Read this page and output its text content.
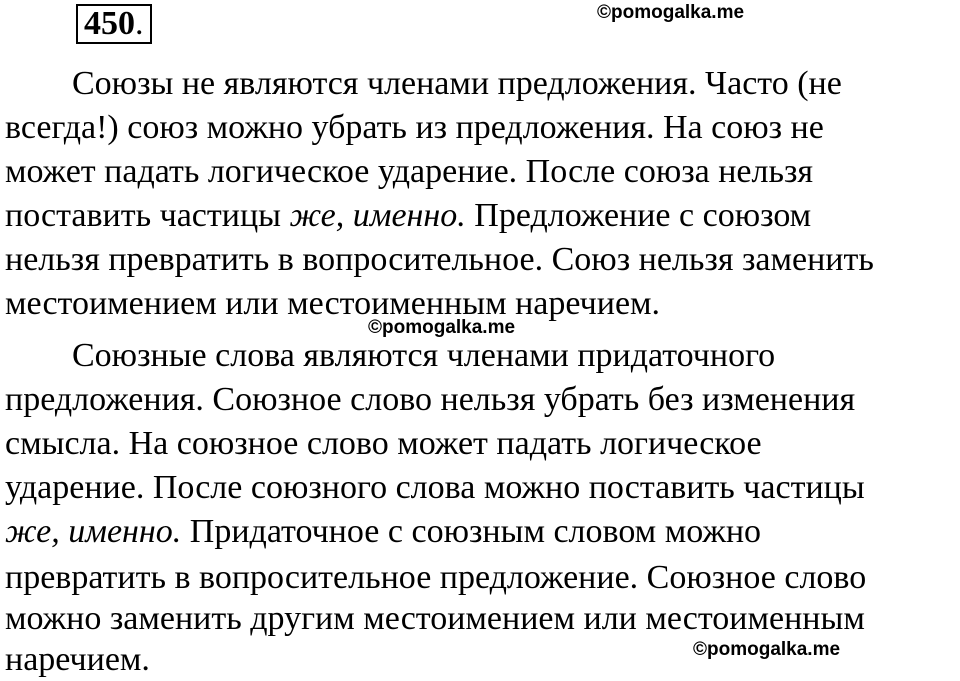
450 .	©pomogalka.me
Союзы не являются членами предложения. Часто (не
всегда!) союз можно убрать из предложения. На союз не
может падать логическое ударение. После союза нельзя
поставить частицы же, именно. Предложение с союзом
нельзя превратить в вопросительное. Союз нельзя заменить
местоимением или местоименным наречием.
©pomogalka.me
Союзные слова являются членами придаточного
предложения. Союзное слово нельзя убрать без изменения
смысла. На союзное слово может падать логическое
ударение. После союзного слова можно поставить частицы
же, именно. Придаточное с союзным словом можно
превратить в вопросительное предложение. Союзное слово
можно заменить другим местоимением или местоименным
наречием.	©pomogalka.me
